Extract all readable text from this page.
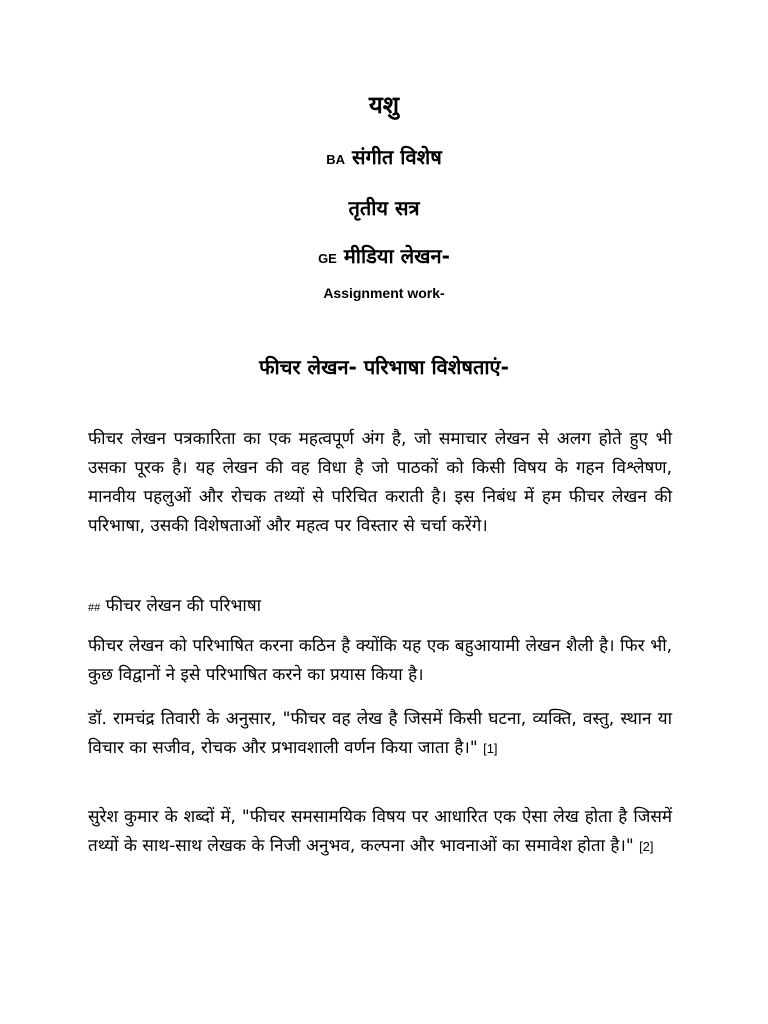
यशु
BA संगीत विशेष
तृतीय सत्र
GE मीडिया लेखन-
Assignment work-
फीचर लेखन- परिभाषा विशेषताएं-

फीचर लेखन पत्रकारिता का एक महत्वपूर्ण अंग है, जो समाचार लेखन से अलग होते हुए भी उसका पूरक है। यह लेखन की वह विधा है जो पाठकों को किसी विषय के गहन विश्लेषण, मानवीय पहलुओं और रोचक तथ्यों से परिचित कराती है। इस निबंध में हम फीचर लेखन की परिभाषा, उसकी विशेषताओं और महत्व पर विस्तार से चर्चा करेंगे।

## फीचर लेखन की परिभाषा

फीचर लेखन को परिभाषित करना कठिन है क्योंकि यह एक बहुआयामी लेखन शैली है। फिर भी, कुछ विद्वानों ने इसे परिभाषित करने का प्रयास किया है।

डॉ. रामचंद्र तिवारी के अनुसार, "फीचर वह लेख है जिसमें किसी घटना, व्यक्ति, वस्तु, स्थान या विचार का सजीव, रोचक और प्रभावशाली वर्णन किया जाता है।" [1]

सुरेश कुमार के शब्दों में, "फीचर समसामयिक विषय पर आधारित एक ऐसा लेख होता है जिसमें तथ्यों के साथ-साथ लेखक के निजी अनुभव, कल्पना और भावनाओं का समावेश होता है।" [2]
